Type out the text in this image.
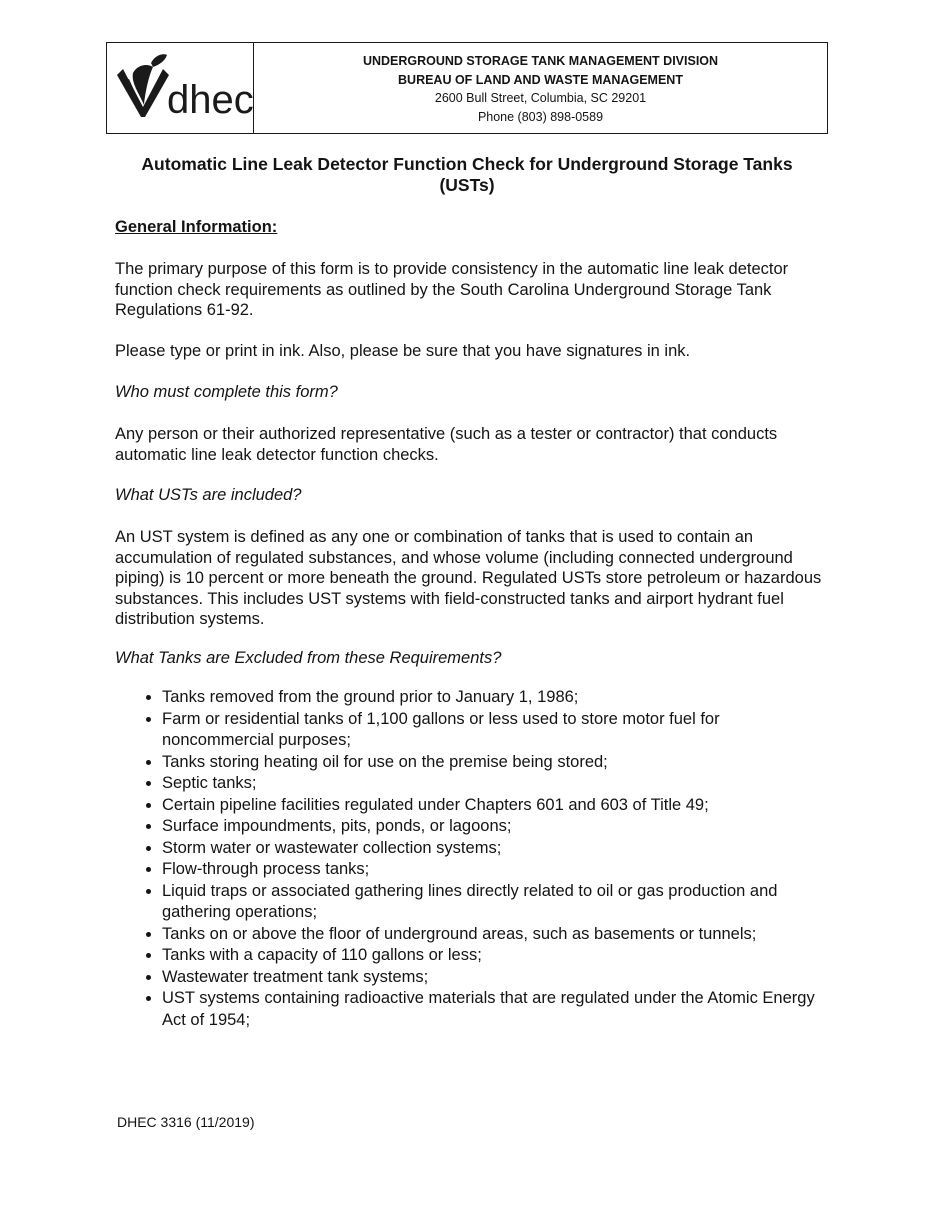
dhec
UNDERGROUND STORAGE TANK MANAGEMENT DIVISION
BUREAU OF LAND AND WASTE MANAGEMENT
2600 Bull Street, Columbia, SC 29201
Phone (803) 898-0589
Automatic Line Leak Detector Function Check for Underground Storage Tanks
(USTs)
General Information:

The primary purpose of this form is to provide consistency in the automatic line leak detector function check requirements as outlined by the South Carolina Underground Storage Tank Regulations 61-92.

Please type or print in ink. Also, please be sure that you have signatures in ink.

Who must complete this form?

Any person or their authorized representative (such as a tester or contractor) that conducts automatic line leak detector function checks.

What USTs are included?

An UST system is defined as any one or combination of tanks that is used to contain an accumulation of regulated substances, and whose volume (including connected underground piping) is 10 percent or more beneath the ground. Regulated USTs store petroleum or hazardous substances. This includes UST systems with field-constructed tanks and airport hydrant fuel distribution systems.

What Tanks are Excluded from these Requirements?

• Tanks removed from the ground prior to January 1, 1986;
• Farm or residential tanks of 1,100 gallons or less used to store motor fuel for noncommercial purposes;
• Tanks storing heating oil for use on the premise being stored;
• Septic tanks;
• Certain pipeline facilities regulated under Chapters 601 and 603 of Title 49;
• Surface impoundments, pits, ponds, or lagoons;
• Storm water or wastewater collection systems;
• Flow-through process tanks;
• Liquid traps or associated gathering lines directly related to oil or gas production and gathering operations;
• Tanks on or above the floor of underground areas, such as basements or tunnels;
• Tanks with a capacity of 110 gallons or less;
• Wastewater treatment tank systems;
• UST systems containing radioactive materials that are regulated under the Atomic Energy Act of 1954;
DHEC 3316 (11/2019)
